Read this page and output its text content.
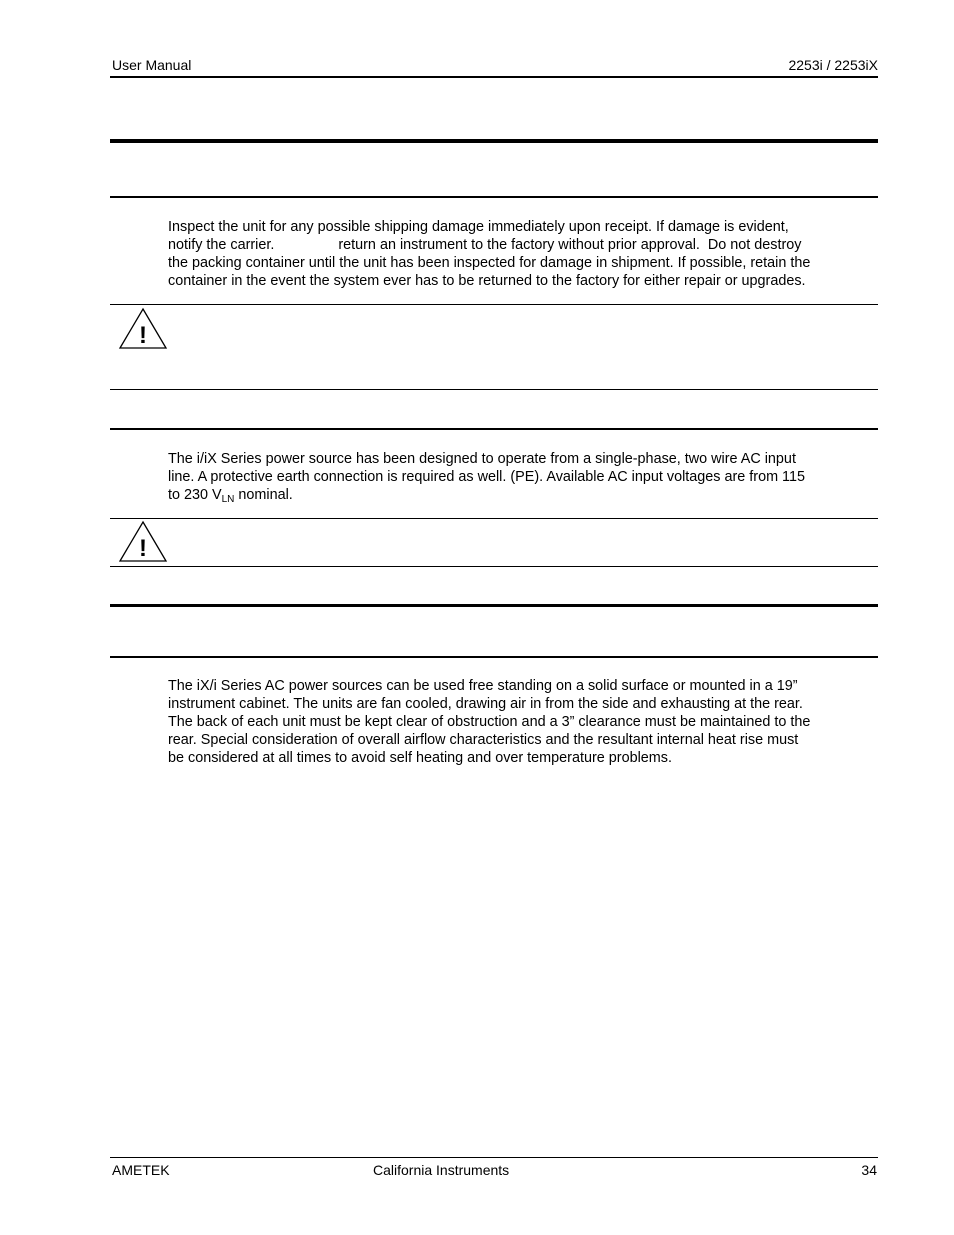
User Manual	2253i / 2253iX
Inspect the unit for any possible shipping damage immediately upon receipt. If damage is evident,
notify the carrier.                return an instrument to the factory without prior approval.  Do not destroy
the packing container until the unit has been inspected for damage in shipment. If possible, retain the
container in the event the system ever has to be returned to the factory for either repair or upgrades.
!
The i/iX Series power source has been designed to operate from a single-phase, two wire AC input
line. A protective earth connection is required as well. (PE). Available AC input voltages are from 115
to 230 $V_{LN}$ nominal.
!
The iX/i Series AC power sources can be used free standing on a solid surface or mounted in a 19”
instrument cabinet. The units are fan cooled, drawing air in from the side and exhausting at the rear.
The back of each unit must be kept clear of obstruction and a 3” clearance must be maintained to the
rear. Special consideration of overall airflow characteristics and the resultant internal heat rise must
be considered at all times to avoid self heating and over temperature problems.
AMETEK	California Instruments	34
